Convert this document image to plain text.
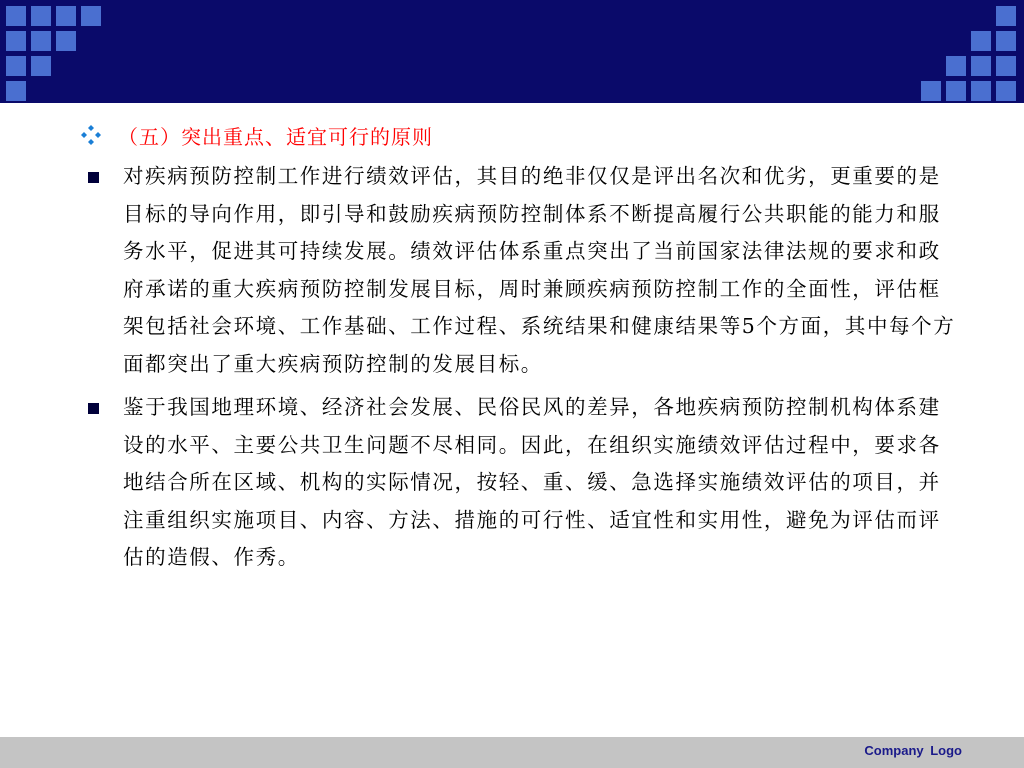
（五）突出重点、适宜可行的原则

对疾病预防控制工作进行绩效评估，其目的绝非仅仅是评出名次和优劣，更重要的是目标的导向作用，即引导和鼓励疾病预防控制体系不断提高履行公共职能的能力和服务水平，促进其可持续发展。绩效评估体系重点突出了当前国家法律法规的要求和政府承诺的重大疾病预防控制发展目标，周时兼顾疾病预防控制工作的全面性，评估框架包括社会环境、工作基础、工作过程、系统结果和健康结果等5个方面，其中每个方面都突出了重大疾病预防控制的发展目标。

鉴于我国地理环境、经济社会发展、民俗民风的差异，各地疾病预防控制机构体系建设的水平、主要公共卫生问题不尽相同。因此，在组织实施绩效评估过程中，要求各地结合所在区域、机构的实际情况，按轻、重、缓、急选择实施绩效评估的项目，并注重组织实施项目、内容、方法、措施的可行性、适宜性和实用性，避免为评估而评估的造假、作秀。

Company Logo
